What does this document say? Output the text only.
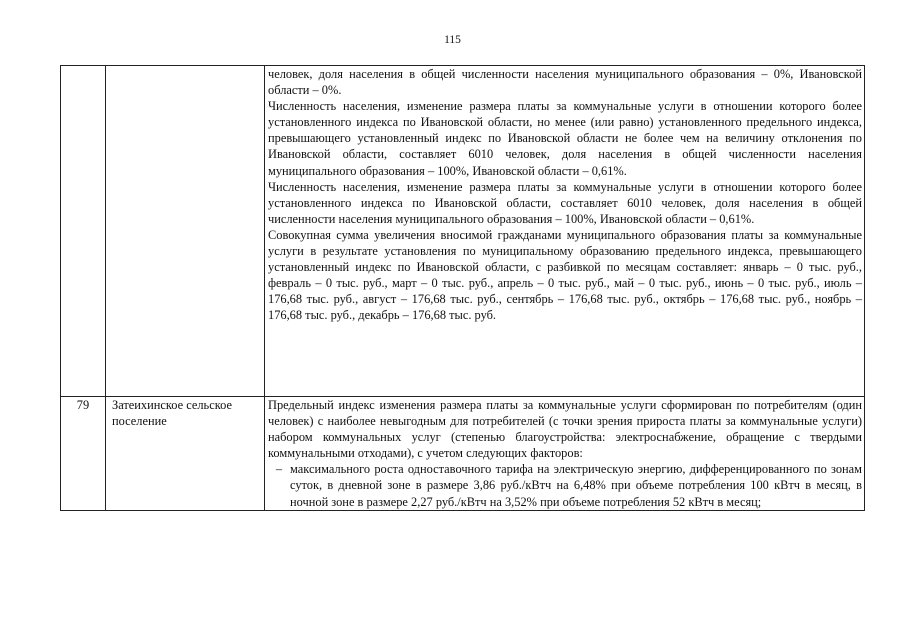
115

		человек, доля населения в общей численности населения муниципального образования – 0%, Ивановской области – 0%.

Численность населения, изменение размера платы за коммунальные услуги в отношении которого более установленного индекса по Ивановской области, но менее (или равно) установленного предельного индекса, превышающего установленный индекс по Ивановской области не более чем на величину отклонения по Ивановской области, составляет 6010 человек, доля населения в общей численности населения муниципального образования – 100%, Ивановской области – 0,61%.

Численность населения, изменение размера платы за коммунальные услуги в отношении которого более установленного индекса по Ивановской области, составляет 6010 человек, доля населения в общей численности населения муниципального образования – 100%, Ивановской области – 0,61%.

Совокупная сумма увеличения вносимой гражданами муниципального образования платы за коммунальные услуги в результате установления по муниципальному образованию предельного индекса, превышающего установленный индекс по Ивановской области, с разбивкой по месяцам составляет: январь – 0 тыс. руб., февраль – 0 тыс. руб., март – 0 тыс. руб., апрель – 0 тыс. руб., май – 0 тыс. руб., июнь – 0 тыс. руб., июль – 176,68 тыс. руб., август – 176,68 тыс. руб., сентябрь – 176,68 тыс. руб., октябрь – 176,68 тыс. руб., ноябрь – 176,68 тыс. руб., декабрь – 176,68 тыс. руб.

79	Затеихинское сельское поселение	Предельный индекс изменения размера платы за коммунальные услуги сформирован по потребителям (один человек) с наиболее невыгодным для потребителей (с точки зрения прироста платы за коммунальные услуги) набором коммунальных услуг (степенью благоустройства: электроснабжение, обращение с твердыми коммунальными отходами), с учетом следующих факторов:

– максимального роста одноставочного тарифа на электрическую энергию, дифференцированного по зонам суток, в дневной зоне в размере 3,86 руб./кВтч на 6,48% при объеме потребления 100 кВтч в месяц, в ночной зоне в размере 2,27 руб./кВтч на 3,52% при объеме потребления 52 кВтч в месяц;
